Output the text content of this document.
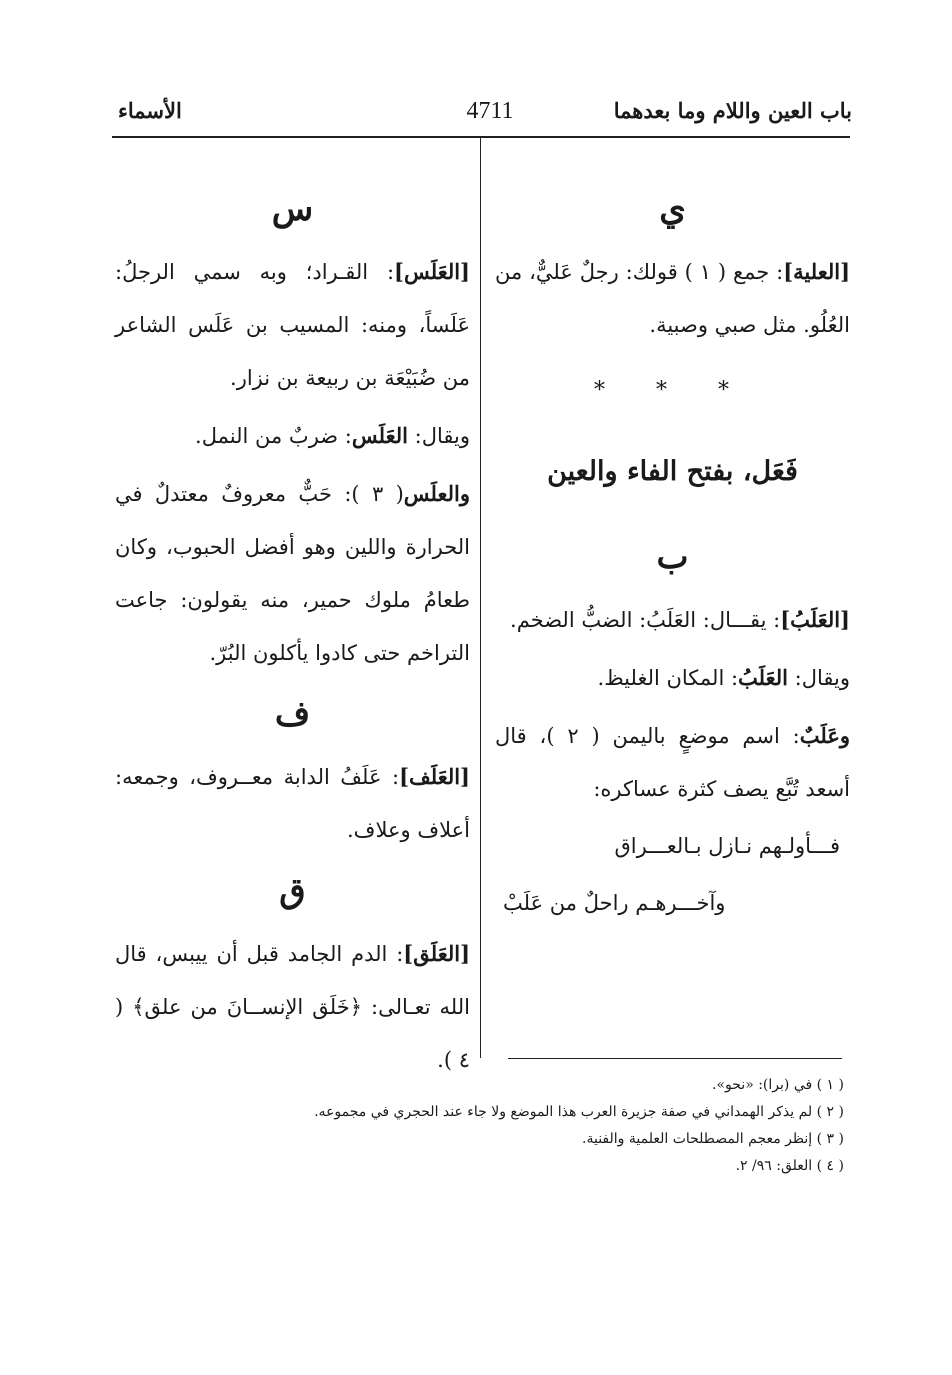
باب العين واللام وما بعدهما
4711
الأسماء
ي

[العلية]: جمع ( ١ ) قولك: رجلٌ عَليٌّ، من العُلُو. مثل صبي وصبية.

* * *
فَعَل، بفتح الفاء والعين
ب

[العَلَبُ]: يقـــال: العَلَبُ: الضبُّ الضخم.

ويقال: العَلَبُ: المكان الغليظ.

وعَلَبٌ: اسم موضعٍ باليمن ( ٢ )، قال أسعد تُبَّع يصف كثرة عساكره:

فـــأولـهم نـازل بـالعـــراق

وآخـــرهـم راحلٌ من عَلَبْ

س

[العَلَس]: القـراد؛ وبه سمي الرجلُ: عَلَساً، ومنه: المسيب بن عَلَس الشاعر من ضُبَيْعَة بن ربيعة بن نزار.

ويقال: العَلَس: ضربٌ من النمل.

والعلَس( ٣ ): حَبٌّ معروفٌ معتدلٌ في الحرارة واللين وهو أفضل الحبوب، وكان طعامُ ملوك حمير، منه يقولون: جاعت التراخم حتى كادوا يأكلون البُرّ.

ف

[العَلَف]: عَلَفُ الدابة معــروف، وجمعه: أعلاف وعلاف.

ق

[العَلَق]: الدم الجامد قبل أن ييبس، قال الله تعـالى: ﴿خَلَق الإنســانَ من علق﴾ ( ٤ ).

( ١ ) في (برا): «نحو».

( ٢ ) لم يذكر الهمداني في صفة جزيرة العرب هذا الموضع ولا جاء عند الحجري في مجموعه.

( ٣ ) إنظر معجم المصطلحات العلمية والفنية.

( ٤ ) العلق: ٩٦/ ٢.
